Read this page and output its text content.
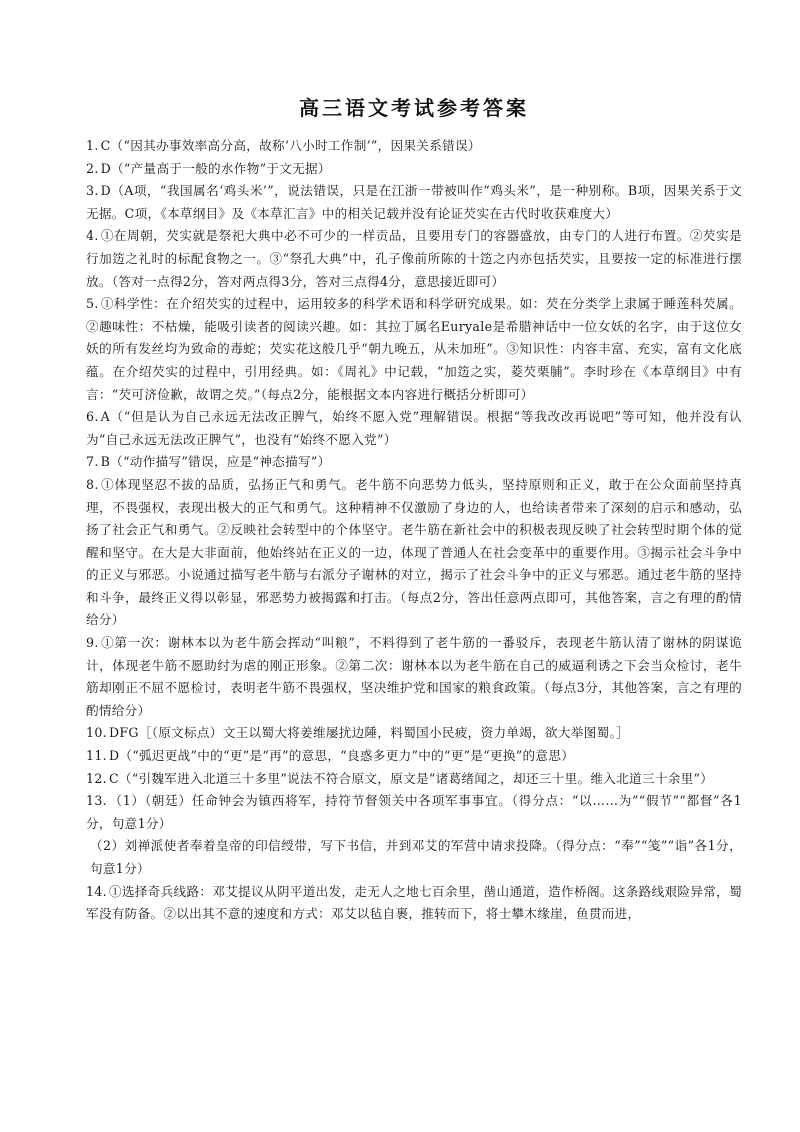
高三语文考试参考答案

1. C（“因其办事效率高分高，故称‘八小时工作制’”，因果关系错误）

2. D（“产量高于一般的水作物”于文无据）

3. D（A项，“我国属名‘鸡头米’”，说法错误，只是在江浙一带被叫作“鸡头米”，是一种别称。B项，因果关系于文无据。C项，《本草纲目》及《本草汇言》中的相关记载并没有论证芡实在古代时收获难度大）

4. ①在周朝，芡实就是祭祀大典中必不可少的一样贡品，且要用专门的容器盛放，由专门的人进行布置。②芡实是行加笾之礼时的标配食物之一。③“祭孔大典”中，孔子像前所陈的十笾之内亦包括芡实，且要按一定的标准进行摆放。（答对一点得2分，答对两点得3分，答对三点得4分，意思接近即可）

5. ①科学性：在介绍芡实的过程中，运用较多的科学术语和科学研究成果。如：芡在分类学上隶属于睡莲科芡属。②趣味性：不枯燥，能吸引读者的阅读兴趣。如：其拉丁属名Euryale是希腊神话中一位女妖的名字，由于这位女妖的所有发丝均为致命的毒蛇；芡实花这般几乎“朝九晚五，从未加班”。③知识性：内容丰富、充实，富有文化底蕴。在介绍芡实的过程中，引用经典。如：《周礼》中记载，“加笾之实，菱芡栗脯”。李时珍在《本草纲目》中有言：“芡可济俭歉，故谓之芡。”（每点2分，能根据文本内容进行概括分析即可）

6. A（“但是认为自己永远无法改正脾气，始终不愿入党”理解错误。根据“等我改改再说吧”等可知，他并没有认为“自己永远无法改正脾气”，也没有“始终不愿入党”）

7. B（“动作描写”错误，应是“神态描写”）

8. ①体现坚忍不拔的品质，弘扬正气和勇气。老牛筋不向恶势力低头，坚持原则和正义，敢于在公众面前坚持真理，不畏强权，表现出极大的正气和勇气。这种精神不仅激励了身边的人，也给读者带来了深刻的启示和感动，弘扬了社会正气和勇气。②反映社会转型中的个体坚守。老牛筋在新社会中的积极表现反映了社会转型时期个体的觉醒和坚守。在大是大非面前，他始终站在正义的一边，体现了普通人在社会变革中的重要作用。③揭示社会斗争中的正义与邪恶。小说通过描写老牛筋与右派分子谢林的对立，揭示了社会斗争中的正义与邪恶。通过老牛筋的坚持和斗争，最终正义得以彰显，邪恶势力被揭露和打击。（每点2分，答出任意两点即可，其他答案，言之有理的酌情给分）

9. ①第一次：谢林本以为老牛筋会挥动“叫粮”，不料得到了老牛筋的一番驳斥，表现老牛筋认清了谢林的阴谋诡计，体现老牛筋不愿助纣为虐的刚正形象。②第二次：谢林本以为老牛筋在自己的威逼利诱之下会当众检讨，老牛筋却刚正不屈不愿检讨，表明老牛筋不畏强权，坚决维护党和国家的粮食政策。（每点3分，其他答案，言之有理的酌情给分）

10. DFG［（原文标点）文王以蜀大将姜维屡扰边陲，料蜀国小民疲，资力单竭，欲大举图蜀。］

11. D（“弧迟更战”中的“更”是“再”的意思，“良惑多更力”中的“更”是“更换”的意思）

12. C（“引魏军进入北道三十多里”说法不符合原文，原文是“诸葛绪闻之，却还三十里。维入北道三十余里”）

13. （1）（朝廷）任命钟会为镇西将军，持符节督领关中各项军事事宜。（得分点：“以……为”“假节”“都督”各1分，句意1分）

（2）刘禅派使者奉着皇帝的印信绶带，写下书信，并到邓艾的军营中请求投降。（得分点：“奉”“笺”“诣”各1分，句意1分）

14. ①选择奇兵线路：邓艾提议从阴平道出发，走无人之地七百余里，凿山通道，造作桥阁。这条路线艰险异常，蜀军没有防备。②以出其不意的速度和方式：邓艾以毡自裹，推转而下，将士攀木缘崖，鱼贯而进，
